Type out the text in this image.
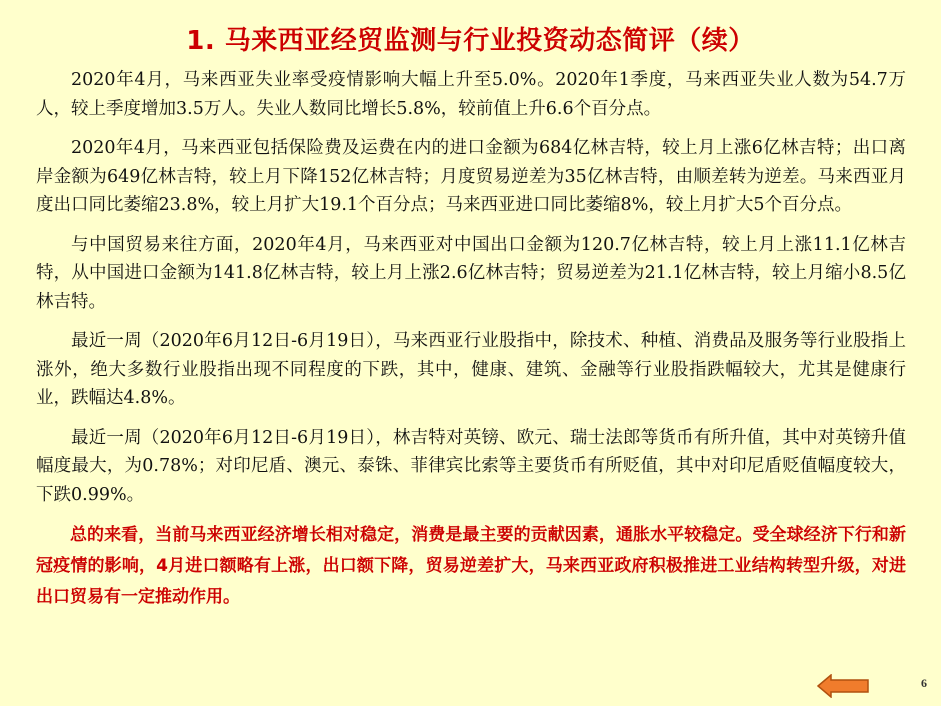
1. 马来西亚经贸监测与行业投资动态简评（续）

2020年4月，马来西亚失业率受疫情影响大幅上升至5.0%。2020年1季度，马来西亚失业人数为54.7万人，较上季度增加3.5万人。失业人数同比增长5.8%，较前值上升6.6个百分点。

2020年4月，马来西亚包括保险费及运费在内的进口金额为684亿林吉特，较上月上涨6亿林吉特；出口离岸金额为649亿林吉特，较上月下降152亿林吉特；月度贸易逆差为35亿林吉特，由顺差转为逆差。马来西亚月度出口同比萎缩23.8%，较上月扩大19.1个百分点；马来西亚进口同比萎缩8%，较上月扩大5个百分点。

与中国贸易来往方面，2020年4月，马来西亚对中国出口金额为120.7亿林吉特，较上月上涨11.1亿林吉特，从中国进口金额为141.8亿林吉特，较上月上涨2.6亿林吉特；贸易逆差为21.1亿林吉特，较上月缩小8.5亿林吉特。

最近一周（2020年6月12日-6月19日），马来西亚行业股指中，除技术、种植、消费品及服务等行业股指上涨外，绝大多数行业股指出现不同程度的下跌，其中，健康、建筑、金融等行业股指跌幅较大，尤其是健康行业，跌幅达4.8%。

最近一周（2020年6月12日-6月19日），林吉特对英镑、欧元、瑞士法郎等货币有所升值，其中对英镑升值幅度最大，为0.78%；对印尼盾、澳元、泰铢、菲律宾比索等主要货币有所贬值，其中对印尼盾贬值幅度较大，下跌0.99%。

总的来看，当前马来西亚经济增长相对稳定，消费是最主要的贡献因素，通胀水平较稳定。受全球经济下行和新冠疫情的影响，4月进口额略有上涨，出口额下降，贸易逆差扩大，马来西亚政府积极推进工业结构转型升级，对进出口贸易有一定推动作用。

6
